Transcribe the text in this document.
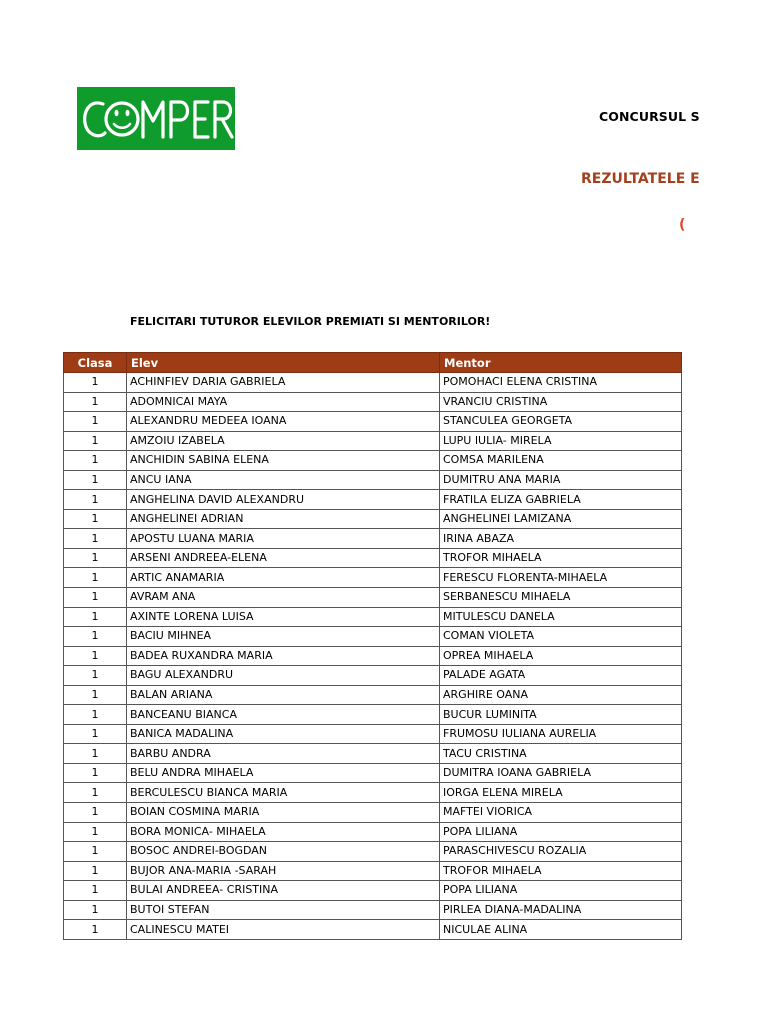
CONCURSUL S
REZULTATELE E
(
FELICITARI TUTUROR ELEVILOR PREMIATI SI MENTORILOR!
Clasa	Elev	Mentor
1	ACHINFIEV DARIA GABRIELA	POMOHACI ELENA CRISTINA
1	ADOMNICAI MAYA	VRANCIU CRISTINA
1	ALEXANDRU MEDEEA IOANA	STANCULEA GEORGETA
1	AMZOIU IZABELA	LUPU IULIA- MIRELA
1	ANCHIDIN SABINA ELENA	COMSA MARILENA
1	ANCU IANA	DUMITRU ANA MARIA
1	ANGHELINA DAVID ALEXANDRU	FRATILA ELIZA GABRIELA
1	ANGHELINEI ADRIAN	ANGHELINEI LAMIZANA
1	APOSTU LUANA MARIA	IRINA ABAZA
1	ARSENI ANDREEA-ELENA	TROFOR MIHAELA
1	ARTIC ANAMARIA	FERESCU FLORENTA-MIHAELA
1	AVRAM ANA	SERBANESCU MIHAELA
1	AXINTE LORENA LUISA	MITULESCU DANELA
1	BACIU MIHNEA	COMAN VIOLETA
1	BADEA RUXANDRA MARIA	OPREA MIHAELA
1	BAGU ALEXANDRU	PALADE AGATA
1	BALAN ARIANA	ARGHIRE OANA
1	BANCEANU BIANCA	BUCUR LUMINITA
1	BANICA MADALINA	FRUMOSU IULIANA AURELIA
1	BARBU ANDRA	TACU CRISTINA
1	BELU ANDRA MIHAELA	DUMITRA IOANA GABRIELA
1	BERCULESCU BIANCA MARIA	IORGA ELENA MIRELA
1	BOIAN COSMINA MARIA	MAFTEI VIORICA
1	BORA MONICA- MIHAELA	POPA LILIANA
1	BOSOC ANDREI-BOGDAN	PARASCHIVESCU ROZALIA
1	BUJOR ANA-MARIA -SARAH	TROFOR MIHAELA
1	BULAI ANDREEA- CRISTINA	POPA LILIANA
1	BUTOI STEFAN	PIRLEA DIANA-MADALINA
1	CALINESCU MATEI	NICULAE ALINA
